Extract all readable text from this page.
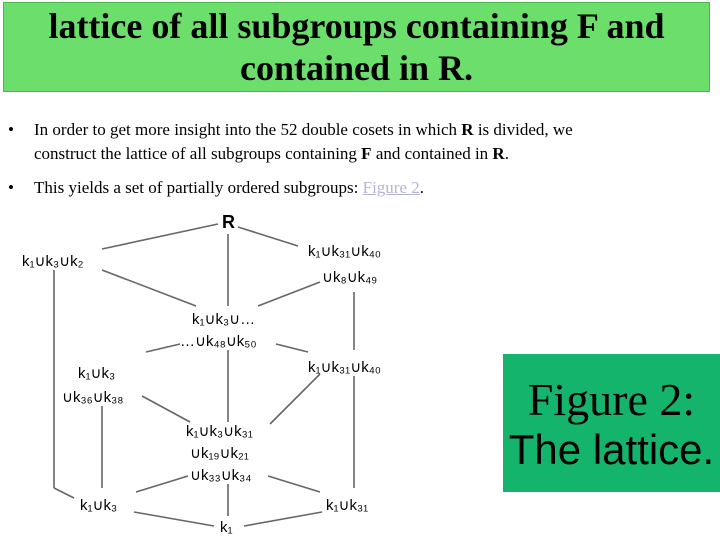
lattice of all subgroups containing F and
contained in R.
• In order to get more insight into the 52 double cosets in which R is divided, we
construct the lattice of all subgroups containing F and contained in R.
• This yields a set of partially ordered subgroups: Figure 2.
R
k₁∪k₃∪k₂
k₁∪k₃₁∪k₄₀
∪k₈∪k₄₉
k₁∪k₃∪…
…∪k₄₈∪k₅₀
k₁∪k₃₁∪k₄₀
k₁∪k₃
∪k₃₆∪k₃₈
k₁∪k₃∪k₃₁
∪k₁₉∪k₂₁
∪k₃₃∪k₃₄
k₁∪k₃	k₁∪k₃₁
k₁
Figure 2:
The lattice.
